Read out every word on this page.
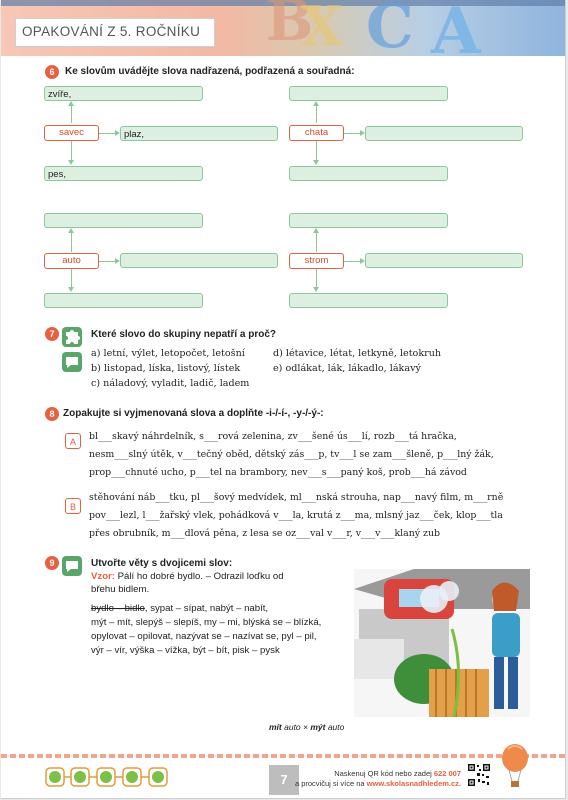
B
X C A
OPAKOVÁNÍ Z 5. ROČNÍKU
6	Ke slovům uvádějte slova nadřazená, podřazená a souřadná:
zvíře,
savec	plaz,
pes,
chata
auto	strom
7	Které slovo do skupiny nepatří a proč?
a) letní, výlet, letopočet, letošní
b) listopad, líska, listový, lístek
c) náladový, vyladit, ladič, ladem
d) létavice, létat, letkyně, letokruh
e) odlákat, lák, lákadlo, lákavý
8 Zopakujte si vyjmenovaná slova a doplňte -i-/-í-, -y-/-ý-:
A	bl___skavý náhrdelník, s___rová zelenina, zv___šené ús___lí, rozb___tá hračka,
nesm___slný útěk, v___tečný oběd, dětský zás___p, tv___l se zam___šleně, p___lný žák,
prop___chnuté ucho, p___tel na brambory, nev___s___paný koš, prob___há závod
B
stěhování náb___tku, pl___šový medvídek, ml___nská strouha, nap___navý film, m___rně
pov___lezl, l___žařský vlek, pohádková v___la, krutá z___ma, mlsný jaz___ček, klop___tla
přes obrubník, m___dlová pěna, z lesa se oz___val v___r, v___v___klaný zub
9	Utvořte věty s dvojicemi slov:
Vzor: Pálí ho dobré bydlo. – Odrazil loďku od
břehu bidlem.
bydlo – bidlo, sypat – sípat, nabýt – nabít,
mýt – mít, slepýš – slepíš, my – mi, blýská se – blízká,
opylovat – opilovat, nazývat se – nazívat se, pyl – pil,
výr – vír, výška – vížka, být – bít, pisk – pysk
mít auto × mýt auto
7	Naskenuj QR kód nebo zadej 622 007
a procvičuj si více na www.skolasnadhledem.cz.
